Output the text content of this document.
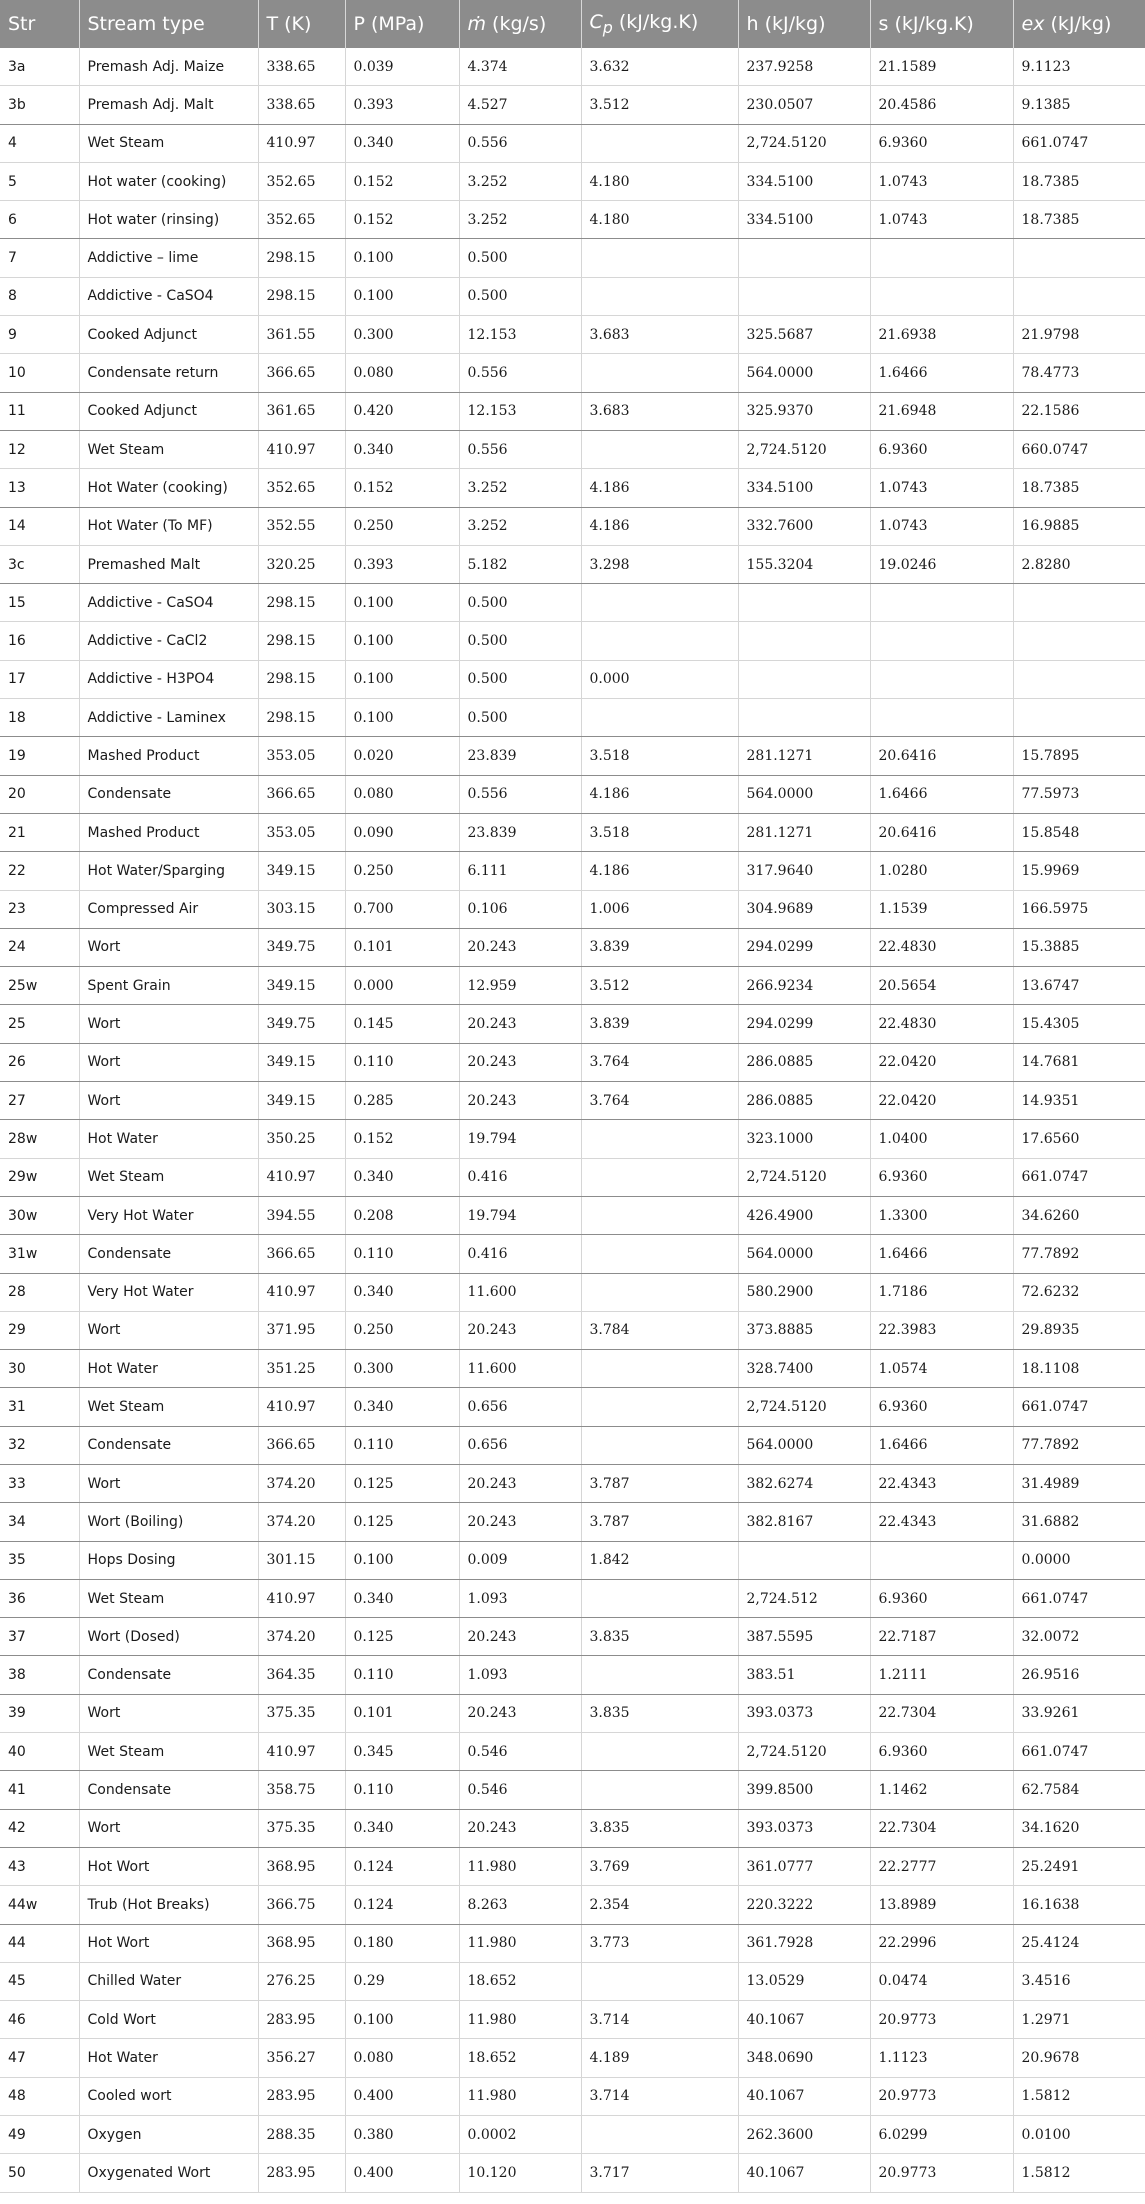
Str	Stream type	T (K)	P (MPa)	ṁ (kg/s)	$C_p$ (kJ/kg.K)	h (kJ/kg)	s (kJ/kg.K)	ex (kJ/kg)
3a	Premash Adj. Maize	338.65	0.039	4.374	3.632	237.9258	21.1589	9.1123
3b	Premash Adj. Malt	338.65	0.393	4.527	3.512	230.0507	20.4586	9.1385
4	Wet Steam	410.97	0.340	0.556		2,724.5120	6.9360	661.0747
5	Hot water (cooking)	352.65	0.152	3.252	4.180	334.5100	1.0743	18.7385
6	Hot water (rinsing)	352.65	0.152	3.252	4.180	334.5100	1.0743	18.7385
7	Addictive – lime	298.15	0.100	0.500				
8	Addictive - CaSO4	298.15	0.100	0.500				
9	Cooked Adjunct	361.55	0.300	12.153	3.683	325.5687	21.6938	21.9798
10	Condensate return	366.65	0.080	0.556		564.0000	1.6466	78.4773
11	Cooked Adjunct	361.65	0.420	12.153	3.683	325.9370	21.6948	22.1586
12	Wet Steam	410.97	0.340	0.556		2,724.5120	6.9360	660.0747
13	Hot Water (cooking)	352.65	0.152	3.252	4.186	334.5100	1.0743	18.7385
14	Hot Water (To MF)	352.55	0.250	3.252	4.186	332.7600	1.0743	16.9885
3c	Premashed Malt	320.25	0.393	5.182	3.298	155.3204	19.0246	2.8280
15	Addictive - CaSO4	298.15	0.100	0.500				
16	Addictive - CaCl2	298.15	0.100	0.500				
17	Addictive - H3PO4	298.15	0.100	0.500	0.000			
18	Addictive - Laminex	298.15	0.100	0.500				
19	Mashed Product	353.05	0.020	23.839	3.518	281.1271	20.6416	15.7895
20	Condensate	366.65	0.080	0.556	4.186	564.0000	1.6466	77.5973
21	Mashed Product	353.05	0.090	23.839	3.518	281.1271	20.6416	15.8548
22	Hot Water/Sparging	349.15	0.250	6.111	4.186	317.9640	1.0280	15.9969
23	Compressed Air	303.15	0.700	0.106	1.006	304.9689	1.1539	166.5975
24	Wort	349.75	0.101	20.243	3.839	294.0299	22.4830	15.3885
25w	Spent Grain	349.15	0.000	12.959	3.512	266.9234	20.5654	13.6747
25	Wort	349.75	0.145	20.243	3.839	294.0299	22.4830	15.4305
26	Wort	349.15	0.110	20.243	3.764	286.0885	22.0420	14.7681
27	Wort	349.15	0.285	20.243	3.764	286.0885	22.0420	14.9351
28w	Hot Water	350.25	0.152	19.794		323.1000	1.0400	17.6560
29w	Wet Steam	410.97	0.340	0.416		2,724.5120	6.9360	661.0747
30w	Very Hot Water	394.55	0.208	19.794		426.4900	1.3300	34.6260
31w	Condensate	366.65	0.110	0.416		564.0000	1.6466	77.7892
28	Very Hot Water	410.97	0.340	11.600		580.2900	1.7186	72.6232
29	Wort	371.95	0.250	20.243	3.784	373.8885	22.3983	29.8935
30	Hot Water	351.25	0.300	11.600		328.7400	1.0574	18.1108
31	Wet Steam	410.97	0.340	0.656		2,724.5120	6.9360	661.0747
32	Condensate	366.65	0.110	0.656		564.0000	1.6466	77.7892
33	Wort	374.20	0.125	20.243	3.787	382.6274	22.4343	31.4989
34	Wort (Boiling)	374.20	0.125	20.243	3.787	382.8167	22.4343	31.6882
35	Hops Dosing	301.15	0.100	0.009	1.842			0.0000
36	Wet Steam	410.97	0.340	1.093		2,724.512	6.9360	661.0747
37	Wort (Dosed)	374.20	0.125	20.243	3.835	387.5595	22.7187	32.0072
38	Condensate	364.35	0.110	1.093		383.51	1.2111	26.9516
39	Wort	375.35	0.101	20.243	3.835	393.0373	22.7304	33.9261
40	Wet Steam	410.97	0.345	0.546		2,724.5120	6.9360	661.0747
41	Condensate	358.75	0.110	0.546		399.8500	1.1462	62.7584
42	Wort	375.35	0.340	20.243	3.835	393.0373	22.7304	34.1620
43	Hot Wort	368.95	0.124	11.980	3.769	361.0777	22.2777	25.2491
44w	Trub (Hot Breaks)	366.75	0.124	8.263	2.354	220.3222	13.8989	16.1638
44	Hot Wort	368.95	0.180	11.980	3.773	361.7928	22.2996	25.4124
45	Chilled Water	276.25	0.29	18.652		13.0529	0.0474	3.4516
46	Cold Wort	283.95	0.100	11.980	3.714	40.1067	20.9773	1.2971
47	Hot Water	356.27	0.080	18.652	4.189	348.0690	1.1123	20.9678
48	Cooled wort	283.95	0.400	11.980	3.714	40.1067	20.9773	1.5812
49	Oxygen	288.35	0.380	0.0002		262.3600	6.0299	0.0100
50	Oxygenated Wort	283.95	0.400	10.120	3.717	40.1067	20.9773	1.5812
